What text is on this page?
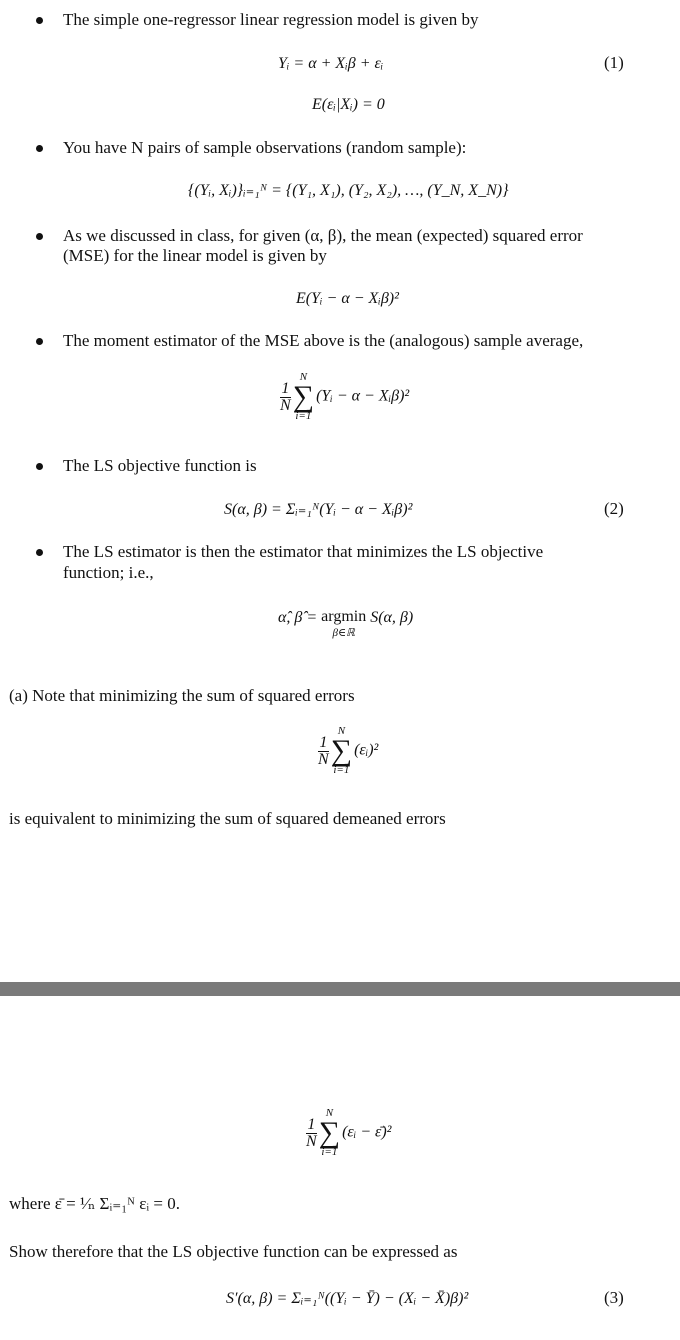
The simple one-regressor linear regression model is given by
Yᵢ = α + Xᵢβ + εᵢ	(1)
E(εᵢ|Xᵢ) = 0
You have N pairs of sample observations (random sample):
{(Yᵢ, Xᵢ)}ᵢ₌₁ᴺ = {(Y₁, X₁), (Y₂, X₂), …, (Y_N, X_N)}
As we discussed in class, for given (α, β), the mean (expected) squared error
(MSE) for the linear model is given by
E(Yᵢ − α − Xᵢβ)²
The moment estimator of the MSE above is the (analogous) sample average,
$\frac{1}{N}$
N
∑
i=1
(Yᵢ − α − Xᵢβ)²
The LS objective function is
S(α, β) = Σᵢ₌₁ᴺ(Yᵢ − α − Xᵢβ)²	(2)
The LS estimator is then the estimator that minimizes the LS objective
function; i.e.,
α̂, β̂ = argmin
β∈ℝ
S(α, β)
(a) Note that minimizing the sum of squared errors
$\frac{1}{N}$
N
∑
i=1
(εᵢ)²
is equivalent to minimizing the sum of squared demeaned errors
$\frac{1}{N}$
N
∑
i=1
(εᵢ − ε̄)²
where ε̄ = ¹⁄ₙ Σᵢ₌₁ᴺ εᵢ = 0.
Show therefore that the LS objective function can be expressed as
S′(α, β) = Σᵢ₌₁ᴺ((Yᵢ − Ȳ) − (Xᵢ − X̄)β)²	(3)
